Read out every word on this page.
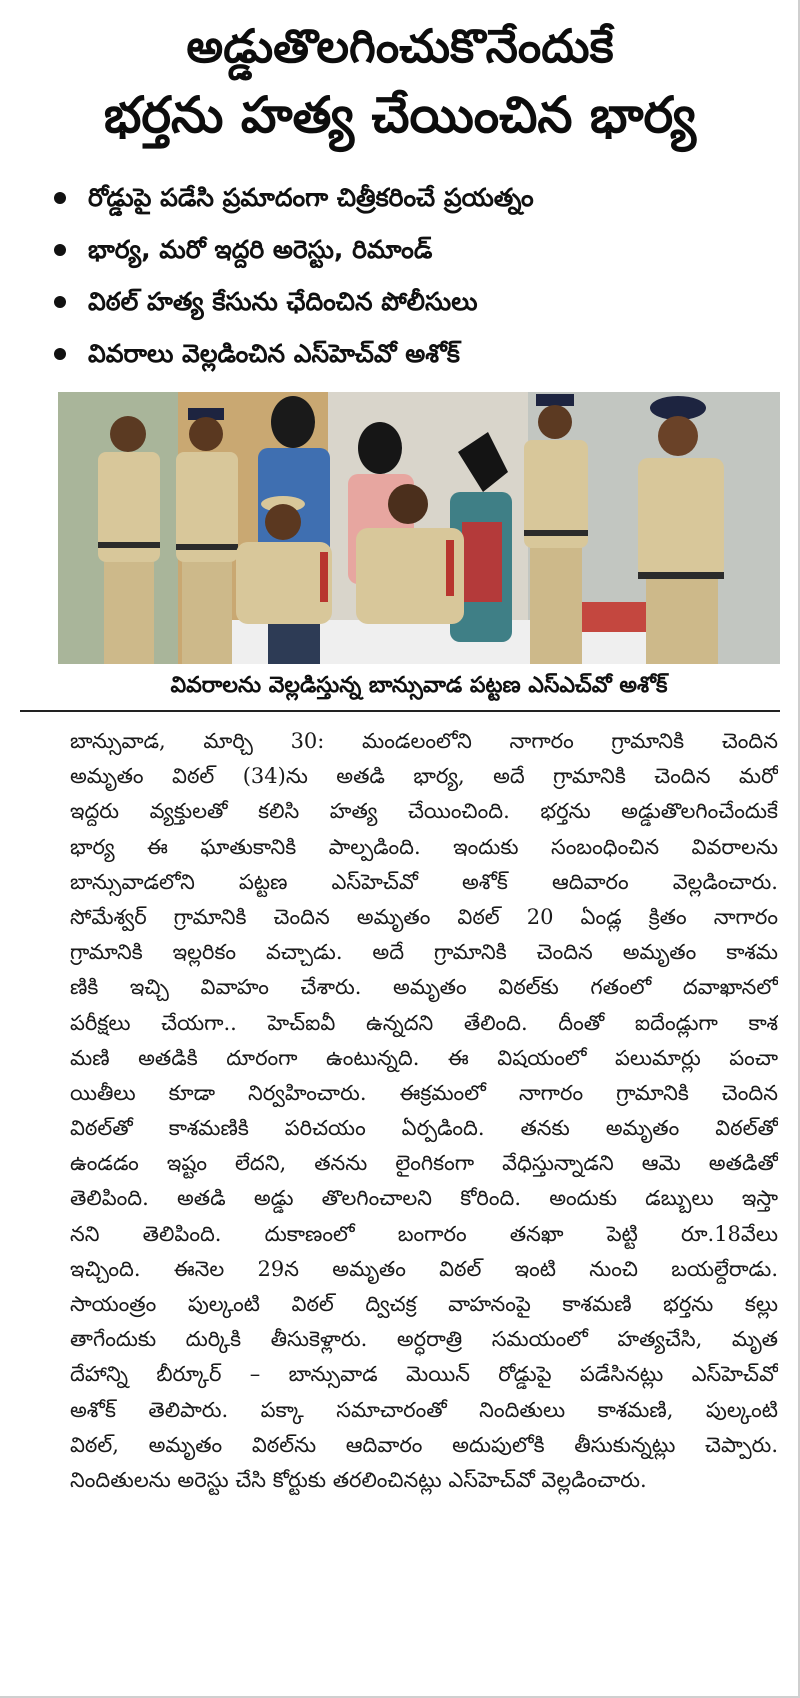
అడ్డుతొలగించుకొనేందుకే
భర్తను హత్య చేయించిన భార్య
రోడ్డుపై పడేసి ప్రమాదంగా చిత్రీకరించే ప్రయత్నం
భార్య, మరో ఇద్దరి అరెస్టు, రిమాండ్
విఠల్ హత్య కేసును ఛేదించిన పోలీసులు
వివరాలు వెల్లడించిన ఎస్‌హెచ్‌వో అశోక్
వివరాలను వెల్లడిస్తున్న బాన్సువాడ పట్టణ ఎస్‌ఎచ్‌వో అశోక్
బాన్సువాడ, మార్చి 30: మండలంలోని నాగారం గ్రామానికి చెందిన
అమృతం విఠల్ (34)ను అతడి భార్య, అదే గ్రామానికి చెందిన మరో
ఇద్దరు వ్యక్తులతో కలిసి హత్య చేయించింది. భర్తను అడ్డుతొలగించేందుకే
భార్య ఈ ఘాతుకానికి పాల్పడింది. ఇందుకు సంబంధించిన వివరాలను
బాన్సువాడలోని పట్టణ ఎస్‌హెచ్‌వో అశోక్ ఆదివారం వెల్లడించారు.
సోమేశ్వర్ గ్రామానికి చెందిన అమృతం విఠల్ 20 ఏండ్ల క్రితం నాగారం
గ్రామానికి ఇల్లరికం వచ్చాడు. అదే గ్రామానికి చెందిన అమృతం కాశమ
ణికి ఇచ్చి వివాహం చేశారు. అమృతం విఠల్‌కు గతంలో దవాఖానలో
పరీక్షలు చేయగా.. హెచ్‌ఐవీ ఉన్నదని తేలింది. దీంతో ఐదేండ్లుగా కాశ
మణి అతడికి దూరంగా ఉంటున్నది. ఈ విషయంలో పలుమార్లు పంచా
యితీలు కూడా నిర్వహించారు. ఈక్రమంలో నాగారం గ్రామానికి చెందిన
విఠల్‌తో కాశమణికి పరిచయం ఏర్పడింది. తనకు అమృతం విఠల్‌తో
ఉండడం ఇష్టం లేదని, తనను లైంగికంగా వేధిస్తున్నాడని ఆమె అతడితో
తెలిపింది. అతడి అడ్డు తొలగించాలని కోరింది. అందుకు డబ్బులు ఇస్తా
నని తెలిపింది. దుకాణంలో బంగారం తనఖా పెట్టి రూ.18వేలు
ఇచ్చింది. ఈనెల 29న అమృతం విఠల్ ఇంటి నుంచి బయల్దేరాడు.
సాయంత్రం పుల్కంటి విఠల్ ద్విచక్ర వాహనంపై కాశమణి భర్తను కల్లు
తాగేందుకు దుర్కికి తీసుకెళ్లారు. అర్ధరాత్రి సమయంలో హత్యచేసి, మృత
దేహాన్ని బీర్కూర్ – బాన్సువాడ మెయిన్ రోడ్డుపై పడేసినట్లు ఎస్‌హెచ్‌వో
అశోక్ తెలిపారు. పక్కా సమాచారంతో నిందితులు కాశమణి, పుల్కంటి
విఠల్, అమృతం విఠల్‌ను ఆదివారం అదుపులోకి తీసుకున్నట్లు చెప్పారు.
నిందితులను అరెస్టు చేసి కోర్టుకు తరలించినట్లు ఎస్‌హెచ్‌వో వెల్లడించారు.
